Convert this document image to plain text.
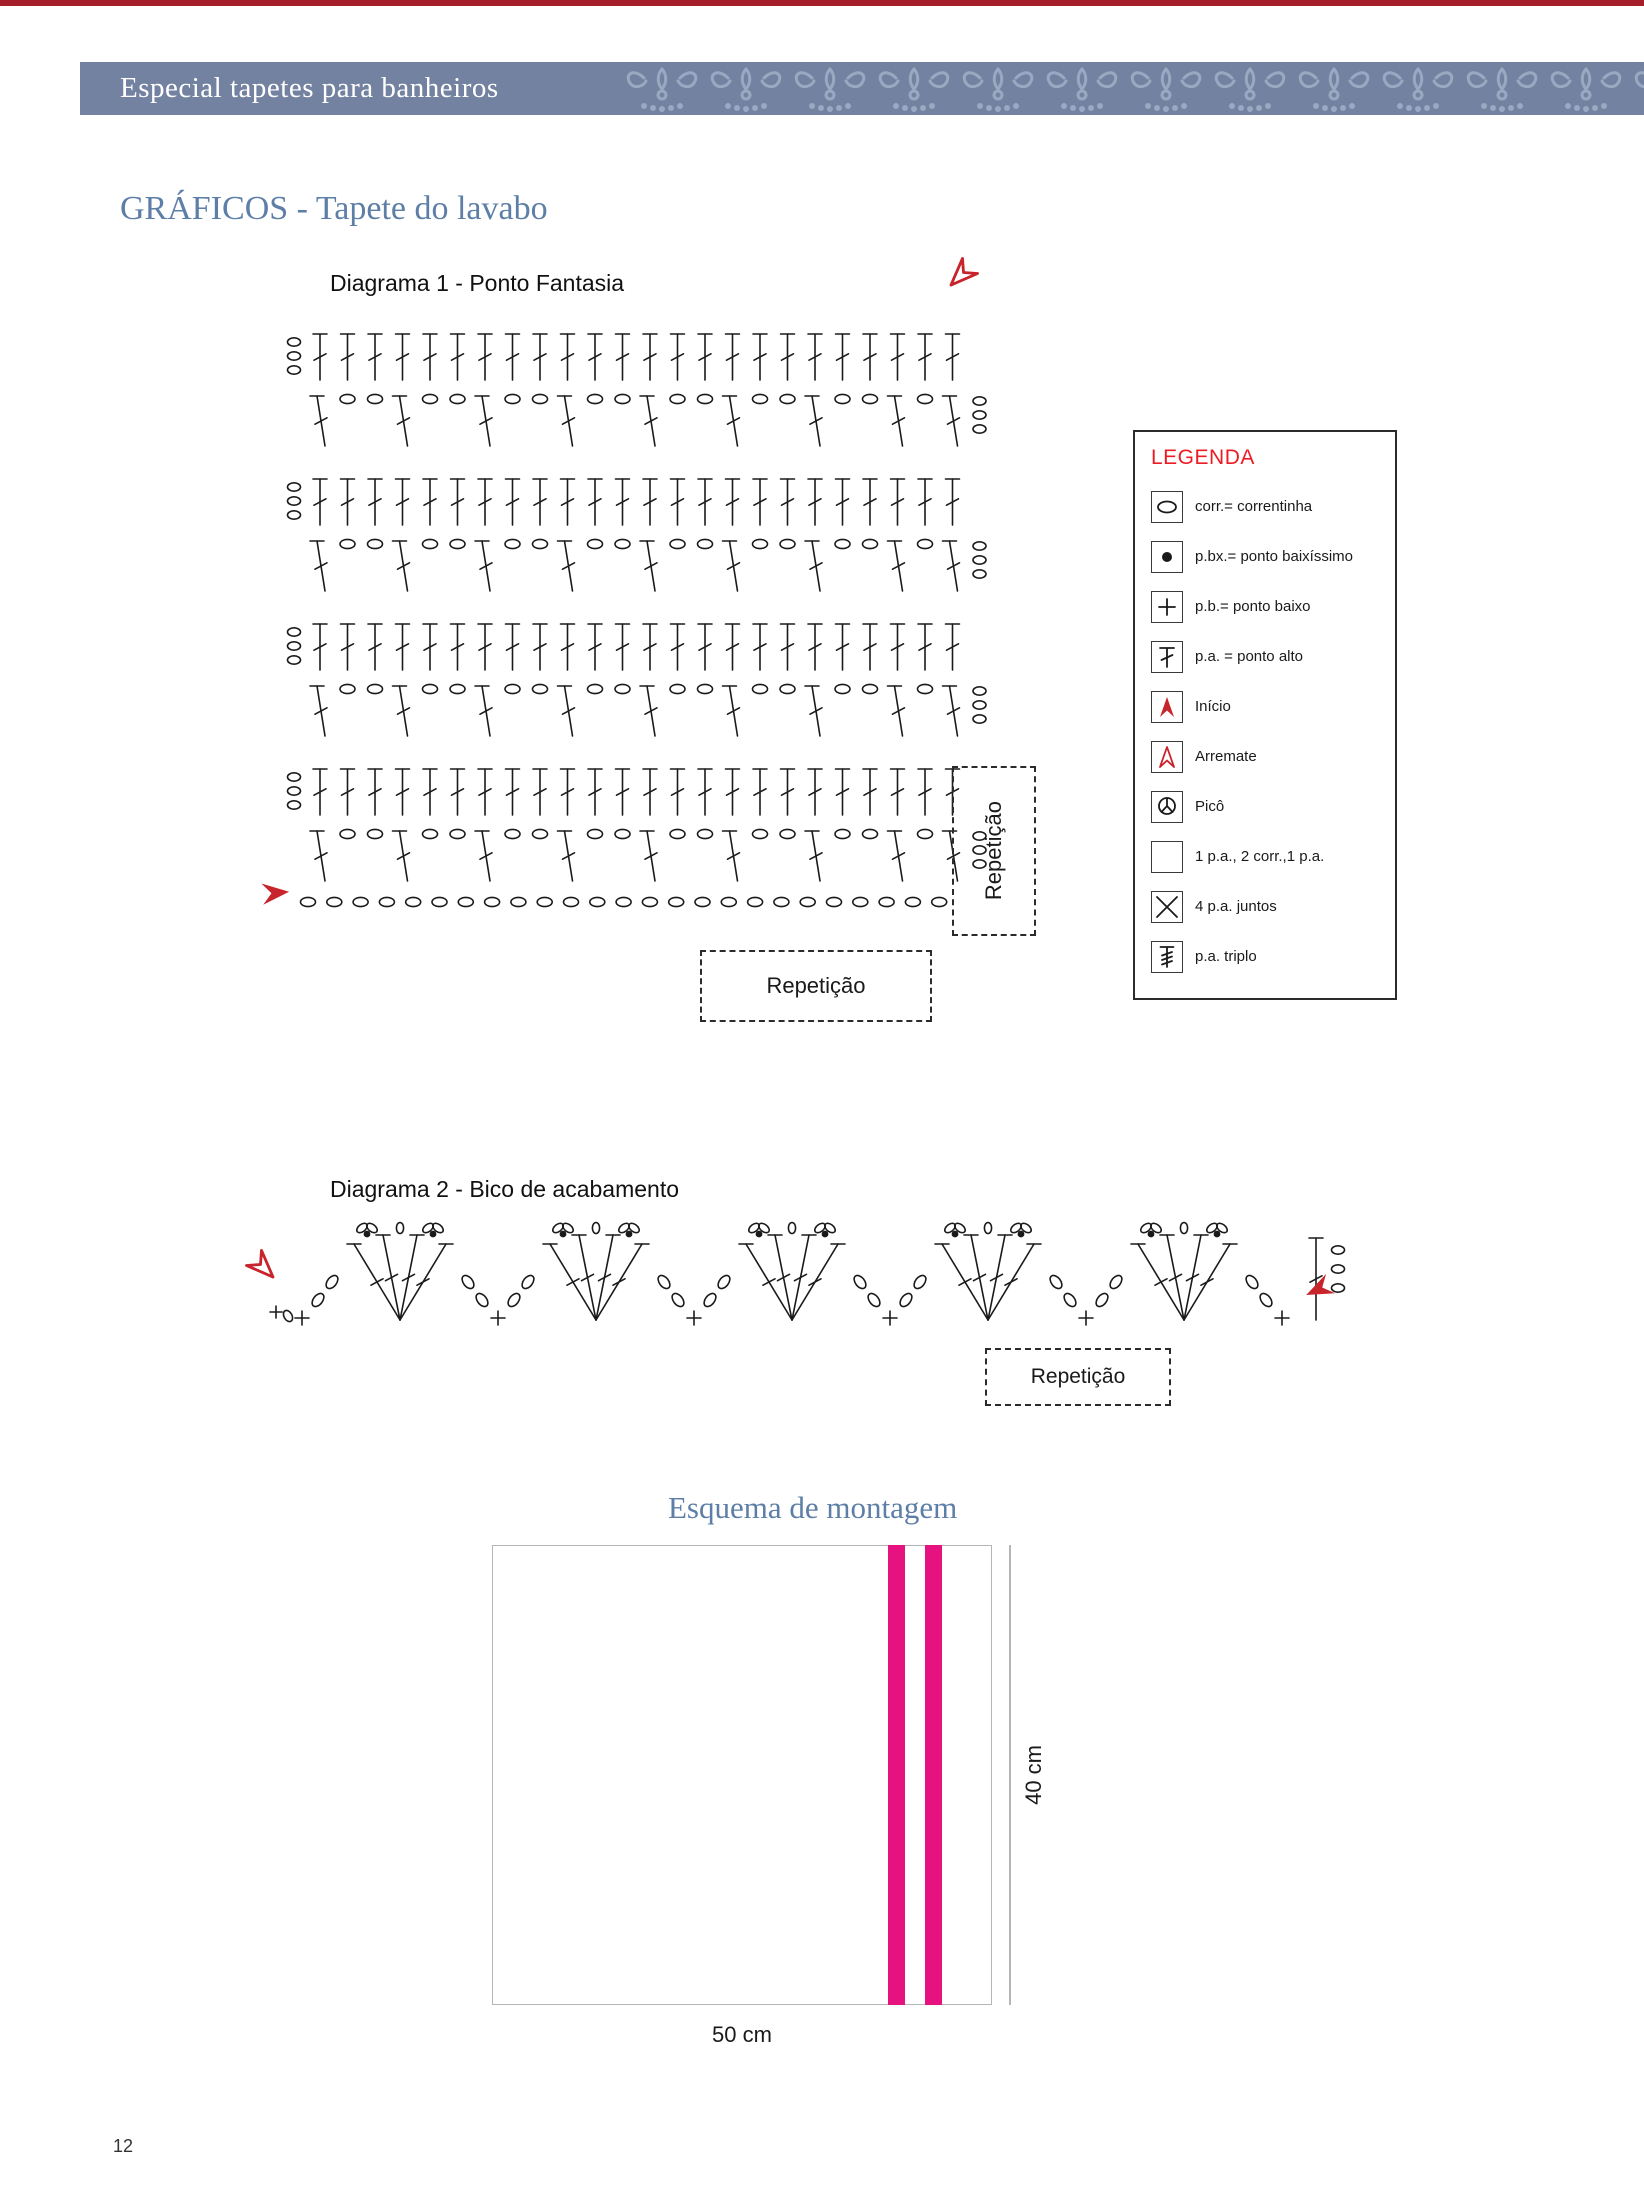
Especial tapetes para banheiros
GRÁFICOS - Tapete do lavabo
Diagrama 1 - Ponto Fantasia
Repetição
Repetição
LEGENDA
corr.= correntinha
p.bx.= ponto baixíssimo
p.b.= ponto baixo
p.a. = ponto alto
Início
Arremate
Picô
1 p.a., 2 corr.,1 p.a.
4 p.a. juntos
p.a. triplo
Diagrama 2 - Bico de acabamento
Repetição
Esquema de montagem
40 cm
50 cm
12
